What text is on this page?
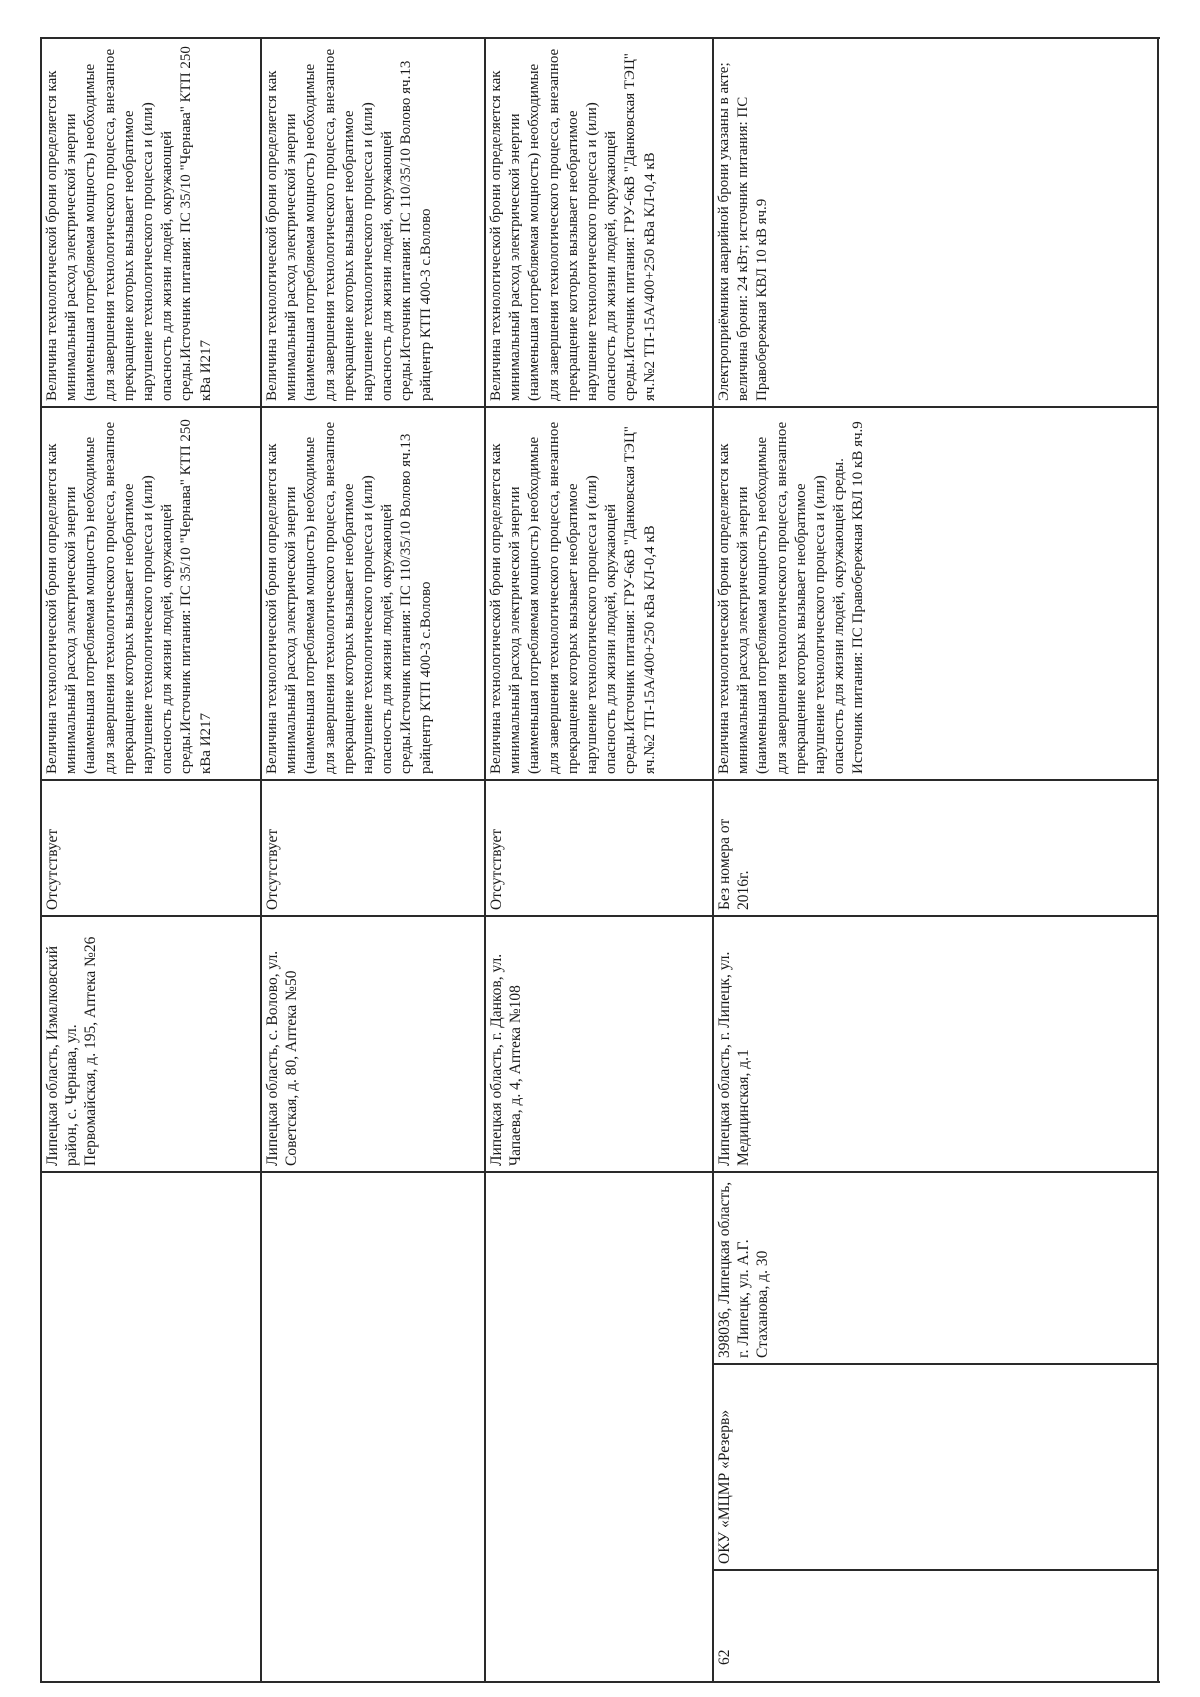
Липецкая область, Измалковский район, с. Чернава, ул. Первомайская, д. 195, Аптека №26
Отсутствует
Величина технологической брони определяется как минимальный расход электрической энергии (наименьшая потребляемая мощность) необходимые для завершения технологического процесса, внезапное прекращение которых вызывает необратимое нарушение технологического процесса и (или) опасность для жизни людей, окружающей среды.Источник питания: ПС 35/10 "Чернава" КТП 250 кВа И217
Величина технологической брони определяется как минимальный расход электрической энергии (наименьшая потребляемая мощность) необходимые для завершения технологического процесса, внезапное прекращение которых вызывает необратимое нарушение технологического процесса и (или) опасность для жизни людей, окружающей среды.Источник питания: ПС 35/10 "Чернава" КТП 250 кВа И217
Липецкая область, с. Волово, ул. Советская, д. 80, Аптека №50
Отсутствует
Величина технологической брони определяется как минимальный расход электрической энергии (наименьшая потребляемая мощность) необходимые для завершения технологического процесса, внезапное прекращение которых вызывает необратимое нарушение технологического процесса и (или) опасность для жизни людей, окружающей среды.Источник питания: ПС 110/35/10 Волово яч.13 райцентр КТП 400-3 с.Волово
Величина технологической брони определяется как минимальный расход электрической энергии (наименьшая потребляемая мощность) необходимые для завершения технологического процесса, внезапное прекращение которых вызывает необратимое нарушение технологического процесса и (или) опасность для жизни людей, окружающей среды.Источник питания: ПС 110/35/10 Волово яч.13 райцентр КТП 400-3 с.Волово
Липецкая область, г. Данков, ул. Чапаева, д. 4, Аптека №108
Отсутствует
Величина технологической брони определяется как минимальный расход электрической энергии (наименьшая потребляемая мощность) необходимые для завершения технологического процесса, внезапное прекращение которых вызывает необратимое нарушение технологического процесса и (или) опасность для жизни людей, окружающей среды.Источник питания: ГРУ-6кВ "Данковская ТЭЦ" яч.№2 ТП-15А/400+250 кВа КЛ-0,4 кВ
Величина технологической брони определяется как минимальный расход электрической энергии (наименьшая потребляемая мощность) необходимые для завершения технологического процесса, внезапное прекращение которых вызывает необратимое нарушение технологического процесса и (или) опасность для жизни людей, окружающей среды.Источник питания: ГРУ-6кВ "Данковская ТЭЦ" яч.№2 ТП-15А/400+250 кВа КЛ-0,4 кВ
62
ОКУ «МЦМР «Резерв»
398036, Липецкая область, г. Липецк, ул. А.Г. Стаханова, д. 30
Липецкая область, г. Липецк, ул. Медицинская, д.1
Без номера от 2016г.
Величина технологической брони определяется как минимальный расход электрической энергии (наименьшая потребляемая мощность) необходимые для завершения технологического процесса, внезапное прекращение которых вызывает необратимое нарушение технологического процесса и (или) опасность для жизни людей, окружающей среды. Источник питания: ПС Правобережная КВЛ 10 кВ яч.9
Электроприёмники аварийной брони указаны в акте; величина брони: 24 кВт; источник питания: ПС Правобережная КВЛ 10 кВ яч.9
